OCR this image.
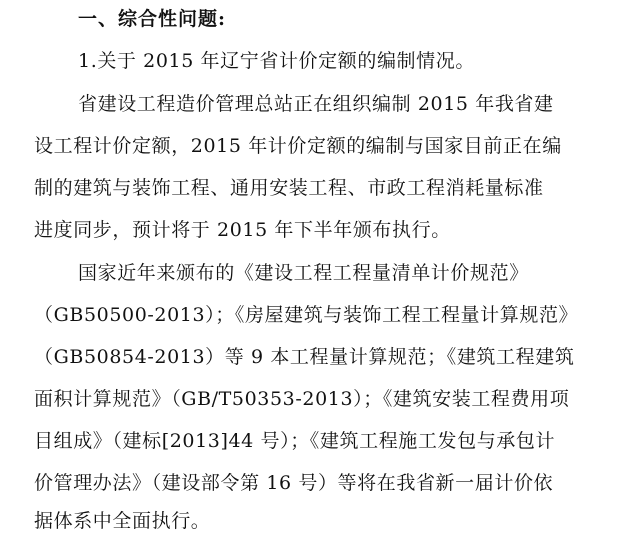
一、综合性问题:
1.关于 2015 年辽宁省计价定额的编制情况。
省建设工程造价管理总站正在组织编制 2015 年我省建
设工程计价定额，2015 年计价定额的编制与国家目前正在编
制的建筑与装饰工程、通用安装工程、市政工程消耗量标准
进度同步，预计将于 2015 年下半年颁布执行。
国家近年来颁布的《建设工程工程量清单计价规范》
（GB50500-2013）；《房屋建筑与装饰工程工程量计算规范》
（GB50854-2013）等 9 本工程量计算规范；《建筑工程建筑
面积计算规范》（GB/T50353-2013）；《建筑安装工程费用项
目组成》（建标[2013]44 号）；《建筑工程施工发包与承包计
价管理办法》（建设部令第 16 号）等将在我省新一届计价依
据体系中全面执行。
